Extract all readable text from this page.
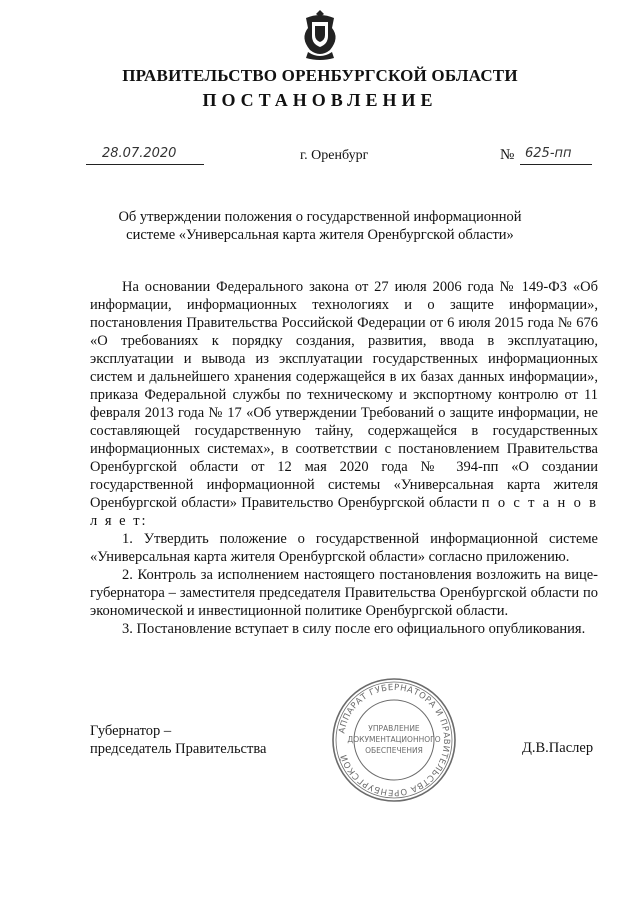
ПРАВИТЕЛЬСТВО ОРЕНБУРГСКОЙ ОБЛАСТИ
ПОСТАНОВЛЕНИЕ
28.07.2020	г. Оренбург	№ 625-пп
Об утверждении положения о государственной информационной
системе «Универсальная карта жителя Оренбургской области»

На основании Федерального закона от 27 июля 2006 года № 149-ФЗ «Об информации, информационных технологиях и о защите информации», постановления Правительства Российской Федерации от 6 июля 2015 года № 676 «О требованиях к порядку создания, развития, ввода в эксплуатацию, эксплуатации и вывода из эксплуатации государственных информационных систем и дальнейшего хранения содержащейся в их базах данных информации», приказа Федеральной службы по техническому и экспортному контролю от 11 февраля 2013 года № 17 «Об утверждении Требований о защите информации, не составляющей государственную тайну, содержащейся в государственных информационных системах», в соответствии с постановлением Правительства Оренбургской области от 12 мая 2020 года № 394-пп «О создании государственной информационной системы «Универсальная карта жителя Оренбургской области» Правительство Оренбургской области п о с т а н о в л я е т:

1. Утвердить положение о государственной информационной системе «Универсальная карта жителя Оренбургской области» согласно приложению.

2. Контроль за исполнением настоящего постановления возложить на вице-губернатора – заместителя председателя Правительства Оренбургской области по экономической и инвестиционной политике Оренбургской области.

3. Постановление вступает в силу после его официального опубликования.

Губернатор –
председатель Правительства	Д.В.Паслер
АППАРАТ ГУБЕРНАТОРА И ПРАВИТЕЛЬСТВА ОРЕНБУРГСКОЙ
УПРАВЛЕНИЕ
ДОКУМЕНТАЦИОННОГО
ОБЕСПЕЧЕНИЯ
